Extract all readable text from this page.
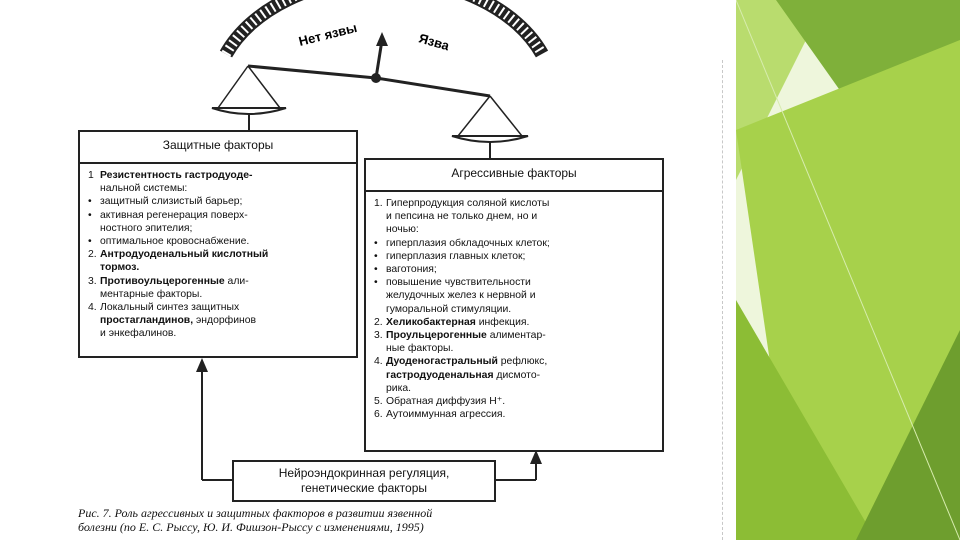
Нет язвы	Язва
Защитные факторы
1 Резистентность гастродуоде-
нальной системы:
• защитный слизистый барьер;
• активная регенерация поверх-
ностного эпителия;
• оптимальное кровоснабжение.
2. Антродуоденальный кислотный
тормоз.
3. Противоульцерогенные али-
ментарные факторы.
4. Локальный синтез защитных
простагландинов, эндорфинов
и энкефалинов.
Агрессивные факторы
1. Гиперпродукция соляной кислоты
и пепсина не только днем, но и
ночью:
• гиперплазия обкладочных клеток;
• гиперплазия главных клеток;
• ваготония;
• повышение чувствительности
желудочных желез к нервной и
гуморальной стимуляции.
2. Хеликобактерная инфекция.
3. Проульцерогенные алиментар-
ные факторы.
4. Дуоденогастральный рефлюкс,
гастродуоденальная дисмото-
рика.
5. Обратная диффузия H⁺.
6. Аутоиммунная агрессия.
Нейроэндокринная регуляция,
генетические факторы
Рис. 7. Роль агрессивных и защитных факторов в развитии язвенной
болезни (по Е. С. Рыссу, Ю. И. Фишзон-Рыссу с изменениями, 1995)
